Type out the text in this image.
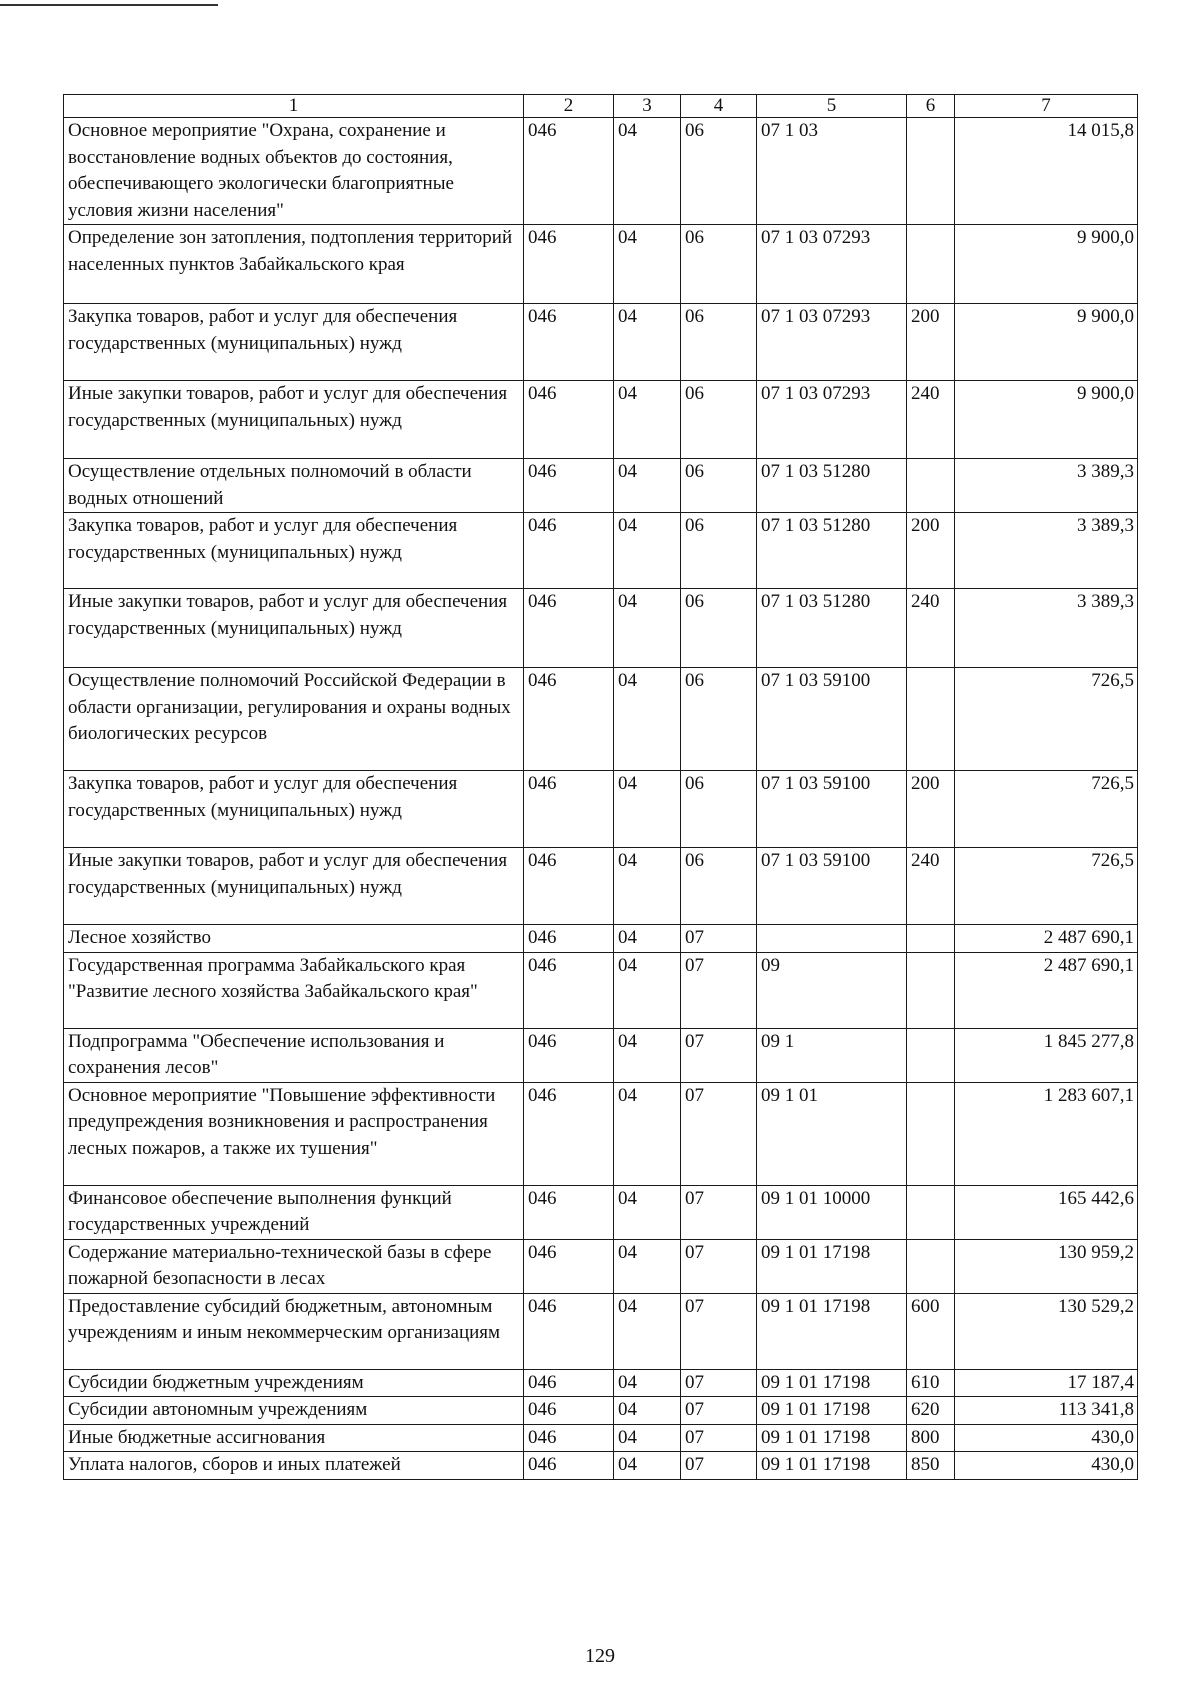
1	2	3	4	5	6	7
Основное мероприятие "Охрана, сохранение и восстановление водных объектов до состояния, обеспечивающего экологически благоприятные условия жизни населения"	046	04	06	07 1 03		14 015,8
Определение зон затопления, подтопления территорий населенных пунктов Забайкальского края	046	04	06	07 1 03 07293		9 900,0
Закупка товаров, работ и услуг для обеспечения государственных (муниципальных) нужд	046	04	06	07 1 03 07293	200	9 900,0
Иные закупки товаров, работ и услуг для обеспечения государственных (муниципальных) нужд	046	04	06	07 1 03 07293	240	9 900,0
Осуществление отдельных полномочий в области водных отношений	046	04	06	07 1 03 51280		3 389,3
Закупка товаров, работ и услуг для обеспечения государственных (муниципальных) нужд	046	04	06	07 1 03 51280	200	3 389,3
Иные закупки товаров, работ и услуг для обеспечения государственных (муниципальных) нужд	046	04	06	07 1 03 51280	240	3 389,3
Осуществление полномочий Российской Федерации в области организации, регулирования и охраны водных биологических ресурсов	046	04	06	07 1 03 59100		726,5
Закупка товаров, работ и услуг для обеспечения государственных (муниципальных) нужд	046	04	06	07 1 03 59100	200	726,5
Иные закупки товаров, работ и услуг для обеспечения государственных (муниципальных) нужд	046	04	06	07 1 03 59100	240	726,5
Лесное хозяйство	046	04	07			2 487 690,1
Государственная программа Забайкальского края "Развитие лесного хозяйства Забайкальского края"	046	04	07	09		2 487 690,1
Подпрограмма "Обеспечение использования и сохранения лесов"	046	04	07	09 1		1 845 277,8
Основное мероприятие "Повышение эффективности предупреждения возникновения и распространения лесных пожаров, а также их тушения"	046	04	07	09 1 01		1 283 607,1
Финансовое обеспечение выполнения функций государственных учреждений	046	04	07	09 1 01 10000		165 442,6
Содержание материально-технической базы в сфере пожарной безопасности в лесах	046	04	07	09 1 01 17198		130 959,2
Предоставление субсидий бюджетным, автономным учреждениям и иным некоммерческим организациям	046	04	07	09 1 01 17198	600	130 529,2
Субсидии бюджетным учреждениям	046	04	07	09 1 01 17198	610	17 187,4
Субсидии автономным учреждениям	046	04	07	09 1 01 17198	620	113 341,8
Иные бюджетные ассигнования	046	04	07	09 1 01 17198	800	430,0
Уплата налогов, сборов и иных платежей	046	04	07	09 1 01 17198	850	430,0
129
